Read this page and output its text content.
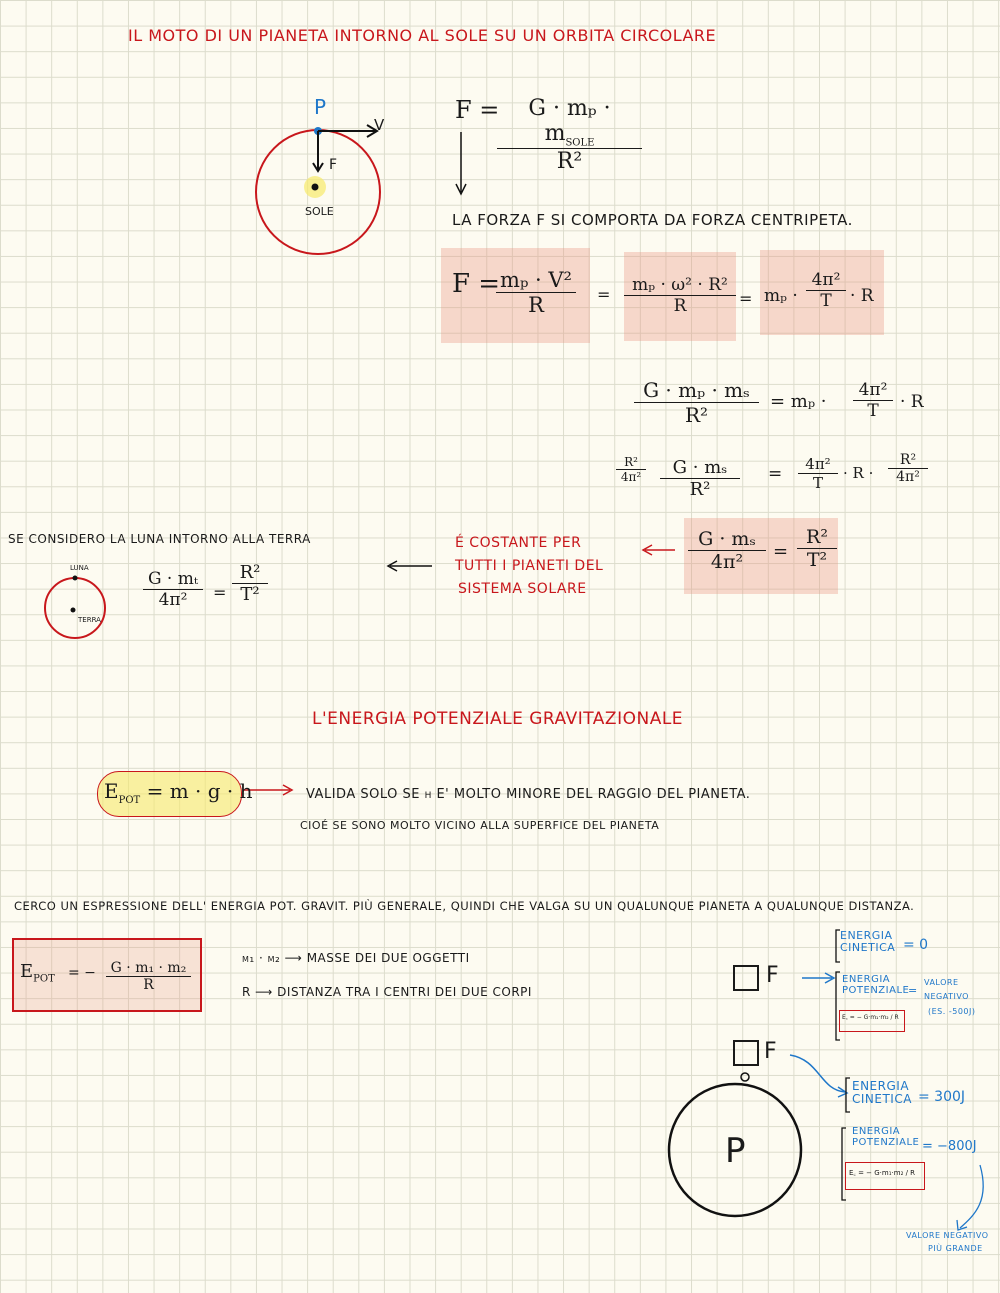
IL MOTO DI UN PIANETA INTORNO AL SOLE SU UN ORBITA CIRCOLARE
P
V
F
SOLE
F =	$G \cdot m_p \cdot m_{SOLE}$
R²
LA FORZA F SI COMPORTA DA FORZA CENTRIPETA.
F =
$\frac{\text{mₚ · V²}}{R} = \frac{\text{mₚ · ω² · R²}}{R} = m_p \cdot \frac{\text{4π²}}{T} \cdot R$
$\frac{\text{G · mₚ · mₛ}}{\text{R²}} = m_p \cdot \frac{\text{4π²}}{T} \cdot R$
$\frac{\text{R²}}{\text{4π²}} \frac{\text{G · mₛ}}{\text{R²}} = \frac{\text{4π²}}{T} \cdot R \cdot \frac{\text{R²}}{\text{4π²}}$
$\frac{\text{G · mₛ}}{\text{4π²}} = \frac{\text{R²}}{\text{T²}}$
É COSTANTE PER
TUTTI I PIANETI DEL
SISTEMA SOLARE
SE CONSIDERO LA LUNA INTORNO ALLA TERRA
LUNA
TERRA
$\frac{\text{G · mₜ}}{\text{4π²}} = \frac{\text{R²}}{\text{T²}}$
L'ENERGIA POTENZIALE GRAVITAZIONALE
$E_{POT} = m \cdot g \cdot h$	VALIDA SOLO SE h E' MOLTO MINORE DEL RAGGIO DEL PIANETA.
CIOÉ SE SONO MOLTO VICINO ALLA SUPERFICE DEL PIANETA
CERCO UN ESPRESSIONE DELL' ENERGIA POT. GRAVIT. PIÙ GENERALE, QUINDI CHE VALGA SU UN QUALUNQUE PIANETA A QUALUNQUE DISTANZA.
$E_{POT}$ = − $\frac{\text{G · m₁ · m₂}}{R}$
m₁ · m₂ ⟶ MASSE DEI DUE OGGETTI
R ⟶ DISTANZA TRA I CENTRI DEI DUE CORPI
F
ENERGIA CINETICA = 0
ENERGIA POTENZIALE
=
VALORE
NEGATIVO
(ES. -500J)
E꜀ = − G·m₁·m₂ / R
F
P
ENERGIA CINETICA = 300J
ENERGIA POTENZIALE = −800J
E꜀ = − G·m₁·m₂ / R
VALORE NEGATIVO
PIÙ GRANDE
